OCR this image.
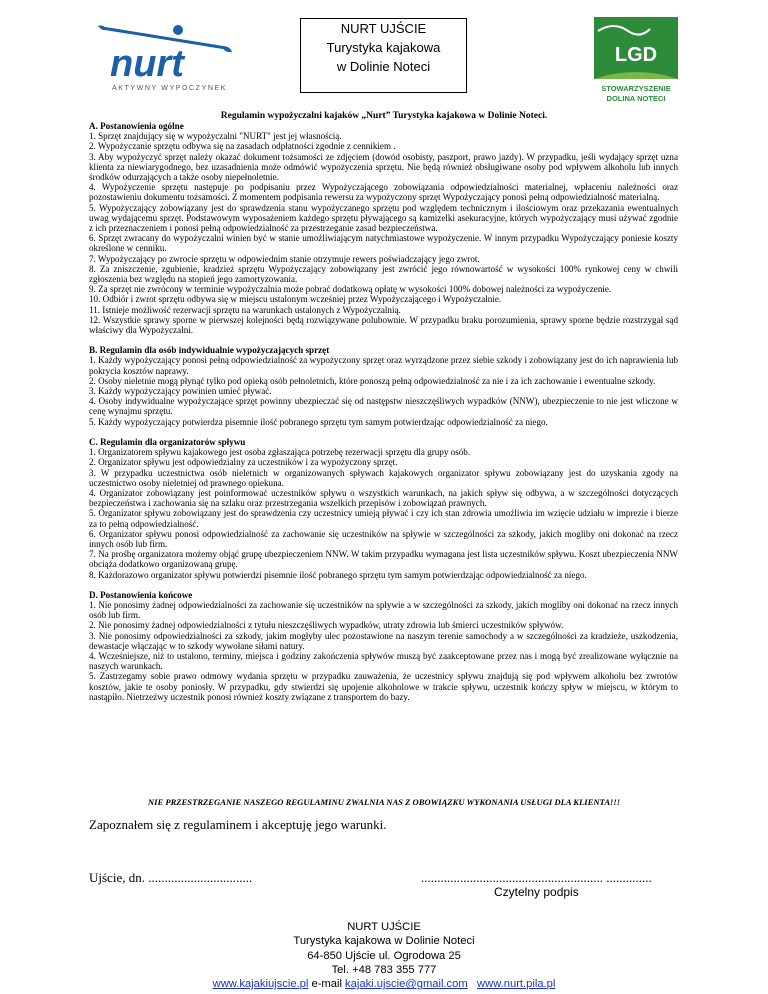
nurt
AKTYWNY WYPOCZYNEK
NURT UJŚCIE
Turystyka kajakowa
w Dolinie Noteci
LGD
STOWARZYSZENIE
DOLINA NOTECI
Regulamin wypożyczalni kajaków „Nurt” Turystyka kajakowa w Dolinie Noteci.

A. Postanowienia ogólne

1. Sprzęt znajdujący się w wypożyczalni "NURT" jest jej własnością.

2. Wypożyczanie sprzętu odbywa się na zasadach odpłatności zgodnie z cennikiem .

3. Aby wypożyczyć sprzęt należy okazać dokument tożsamości ze zdjęciem (dowód osobisty, paszport, prawo jazdy). W przypadku, jeśli wydający sprzęt uzna klienta za niewiarygodnego, bez uzasadnienia może odmówić wypożyczenia sprzętu. Nie będą również obsługiwane osoby pod wpływem alkoholu lub innych środków odurzających a także osoby niepełnoletnie.

4. Wypożyczenie sprzętu następuje po podpisaniu przez Wypożyczającego zobowiązania odpowiedzialności materialnej, wpłaceniu należności oraz pozostawieniu dokumentu tożsamości. Z momentem podpisania rewersu za wypożyczony sprzęt Wypożyczający ponosi pełną odpowiedzialność materialną.

5. Wypożyczający zobowiązany jest do sprawdzenia stanu wypożyczanego sprzętu pod względem technicznym i ilościowym oraz przekazania ewentualnych uwag wydającemu sprzęt. Podstawowym wyposażeniem każdego sprzętu pływającego są kamizelki asekuracyjne, których wypożyczający musi używać zgodnie z ich przeznaczeniem i ponosi pełną odpowiedzialność za przestrzeganie zasad bezpieczeństwa.

6. Sprzęt zwracany do wypożyczalni winien być w stanie umożliwiającym natychmiastowe wypożyczenie. W innym przypadku Wypożyczający poniesie koszty określone w cenniku.

7. Wypożyczający po zwrocie sprzętu w odpowiednim stanie otrzymuje rewers poświadczający jego zwrot.

8. Za zniszczenie, zgubienie, kradzież sprzętu Wypożyczający zobowiązany jest zwrócić jego równowartość w wysokości 100% rynkowej ceny w chwili zgłoszenia bez względu na stopień jego zamortyzowania.

9. Za sprzęt nie zwrócony w terminie wypożyczalnia może pobrać dodatkową opłatę w wysokości 100% dobowej należności za wypożyczenie.

10. Odbiór i zwrot sprzętu odbywa się w miejscu ustalonym wcześniej przez Wypożyczającego i Wypożyczalnie.

11. Istnieje możliwość rezerwacji sprzętu na warunkach ustalonych z Wypożyczalnią.

12. Wszystkie sprawy sporne w pierwszej kolejności będą rozwiązywane polubownie. W przypadku braku porozumienia, sprawy sporne będzie rozstrzygał sąd właściwy dla Wypożyczalni.

B. Regulamin dla osób indywidualnie wypożyczających sprzęt

1. Każdy wypożyczający ponosi pełną odpowiedzialność za wypożyczony sprzęt oraz wyrządzone przez siebie szkody i zobowiązany jest do ich naprawienia lub pokrycia kosztów naprawy.

2. Osoby nieletnie mogą płynąć tylko pod opieką osób pełnoletnich, które ponoszą pełną odpowiedzialność za nie i za ich zachowanie i ewentualne szkody.

3. Każdy wypożyczający powinien umieć pływać.

4. Osoby indywidualne wypożyczające sprzęt powinny ubezpieczać się od następstw nieszczęśliwych wypadków (NNW), ubezpieczenie to nie jest wliczone w cenę wynajmu sprzętu.

5. Każdy wypożyczający potwierdza pisemnie ilość pobranego sprzętu tym samym potwierdzając odpowiedzialność za niego.

C. Regulamin dla organizatorów spływu

1. Organizatorem spływu kajakowego jest osoba zgłaszająca potrzebę rezerwacji sprzętu dla grupy osób.

2. Organizator spływu jest odpowiedzialny za uczestników i za wypożyczony sprzęt.

3. W przypadku uczestnictwa osób nieletnich w organizowanych spływach kajakowych organizator spływu zobowiązany jest do uzyskania zgody na uczestnictwo osoby nieletniej od prawnego opiekuna.

4. Organizator zobowiązany jest poinformować uczestników spływu o wszystkich warunkach, na jakich spływ się odbywa, a w szczególności dotyczących bezpieczeństwa i zachowania się na szlaku oraz przestrzegania wszelkich przepisów i zobowiązań prawnych.

5. Organizator spływu zobowiązany jest do sprawdzenia czy uczestnicy umieją pływać i czy ich stan zdrowia umożliwia im wzięcie udziału w imprezie i bierze za to pełną odpowiedzialność.

6. Organizator spływu ponosi odpowiedzialność za zachowanie się uczestników na spływie w szczególności za szkody, jakich mogliby oni dokonać na rzecz innych osób lub firm.

7. Na prośbę organizatora możemy objąć grupę ubezpieczeniem NNW. W takim przypadku wymagana jest lista uczestników spływu. Koszt ubezpieczenia NNW obciąża dodatkowo organizowaną grupę.

8. Każdorazowo organizator spływu potwierdzi pisemnie ilość pobranego sprzętu tym samym potwierdzając odpowiedzialność za niego.

D. Postanowienia końcowe

1. Nie ponosimy żadnej odpowiedzialności za zachowanie się uczestników na spływie a w szczególności za szkody, jakich mogliby oni dokonać na rzecz innych osób lub firm.

2. Nie ponosimy żadnej odpowiedzialności z tytułu nieszczęśliwych wypadków, utraty zdrowia lub śmierci uczestników spływów.

3. Nie ponosimy odpowiedzialności za szkody, jakim mogłyby ulec pozostawione na naszym terenie samochody a w szczególności za kradzieże, uszkodzenia, dewastacje włączając w to szkody wywołane siłami natury.

4. Wcześniejsze, niż to ustalono, terminy, miejsca i godziny zakończenia spływów muszą być zaakceptowane przez nas i mogą być zrealizowane wyłącznie na naszych warunkach.

5. Zastrzegamy sobie prawo odmowy wydania sprzętu w przypadku zauważenia, że uczestnicy spływu znajdują się pod wpływem alkoholu bez zwrotów kosztów, jakie te osoby poniosły. W przypadku, gdy stwierdzi się upojenie alkoholowe w trakcie spływu, uczestnik kończy spływ w miejscu, w którym to nastąpiło. Nietrzeźwy uczestnik ponosi również koszty związane z transportem do bazy.

NIE PRZESTRZEGANIE NASZEGO REGULAMINU ZWALNIA NAS Z OBOWIĄZKU WYKONANIA USŁUGI DLA KLIENTA!!!
Zapoznałem się z regulaminem i akceptuję jego warunki.
Ujście, dn. ................................	........................................................ ..............
Czytelny podpis
NURT UJŚCIE
Turystyka kajakowa w Dolinie Noteci
64-850 Ujście ul. Ogrodowa 25
Tel. +48 783 355 777
www.kajakiujscie.pl e-mail kajaki.ujscie@gmail.com www.nurt.pila.pl
